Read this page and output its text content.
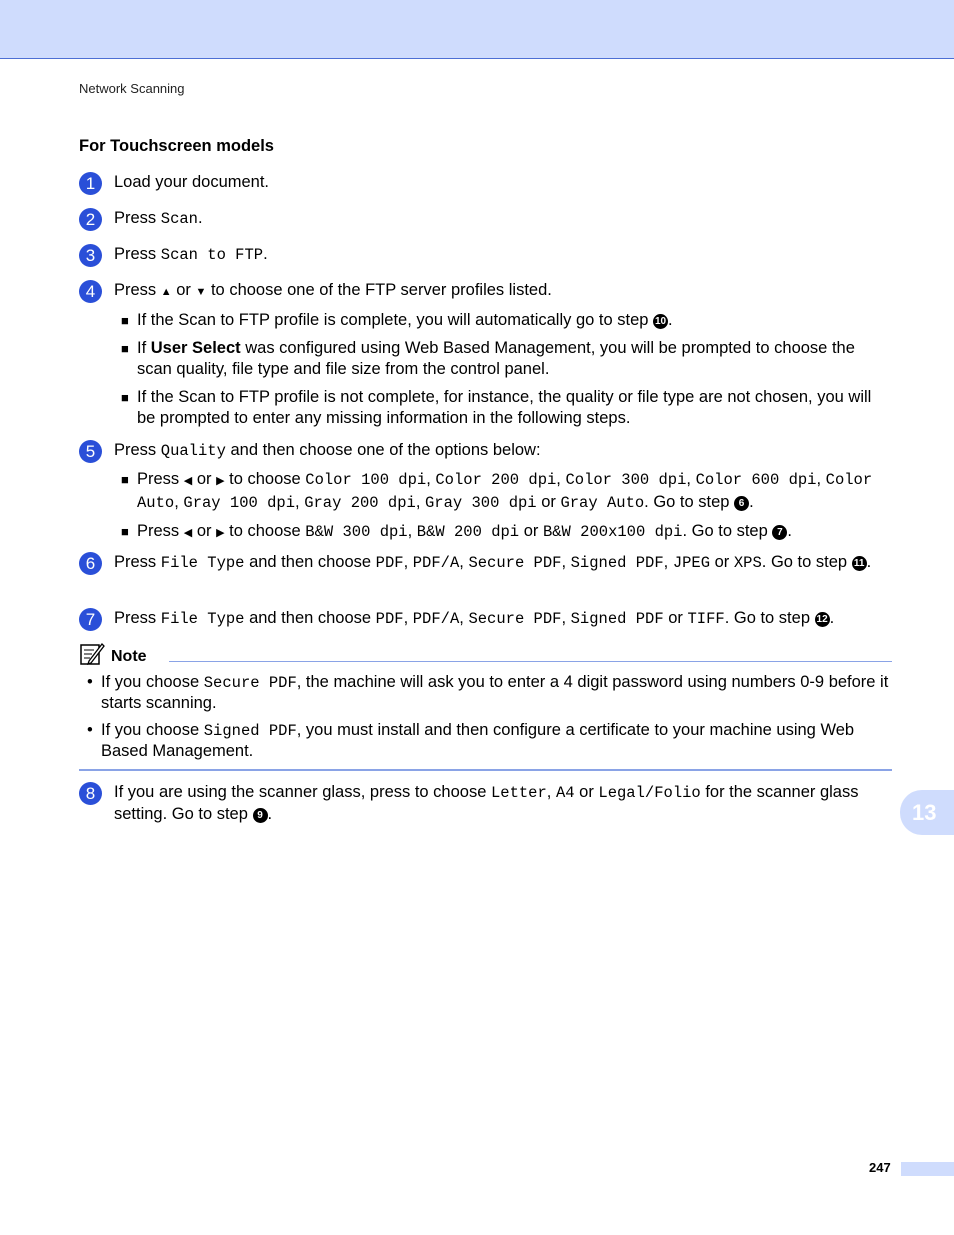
Network Scanning
For Touchscreen models
1	Load your document.
2	Press Scan.
3	Press Scan to FTP.
4	Press ▲ or ▼ to choose one of the FTP server profiles listed.
■ If the Scan to FTP profile is complete, you will automatically go to step 10 .
■ If User Select was configured using Web Based Management, you will be prompted to choose the scan quality, file type and file size from the control panel.
■ If the Scan to FTP profile is not complete, for instance, the quality or file type are not chosen, you will be prompted to enter any missing information in the following steps.
5	Press Quality and then choose one of the options below:
■ Press ◀ or ▶ to choose Color 100 dpi, Color 200 dpi, Color 300 dpi, Color 600 dpi, Color Auto, Gray 100 dpi, Gray 200 dpi, Gray 300 dpi or Gray Auto. Go to step 6 .
■ Press ◀ or ▶ to choose B&W 300 dpi, B&W 200 dpi or B&W 200x100 dpi. Go to step 7 .
6	Press File Type and then choose PDF, PDF/A, Secure PDF, Signed PDF, JPEG or XPS. Go to step 11 .
7	Press File Type and then choose PDF, PDF/A, Secure PDF, Signed PDF or TIFF. Go to step 12 .
Note
• If you choose Secure PDF, the machine will ask you to enter a 4 digit password using numbers 0-9 before it starts scanning.
• If you choose Signed PDF, you must install and then configure a certificate to your machine using Web Based Management.
8	If you are using the scanner glass, press to choose Letter, A4 or Legal/Folio for the scanner glass setting. Go to step 9 .	13
247
